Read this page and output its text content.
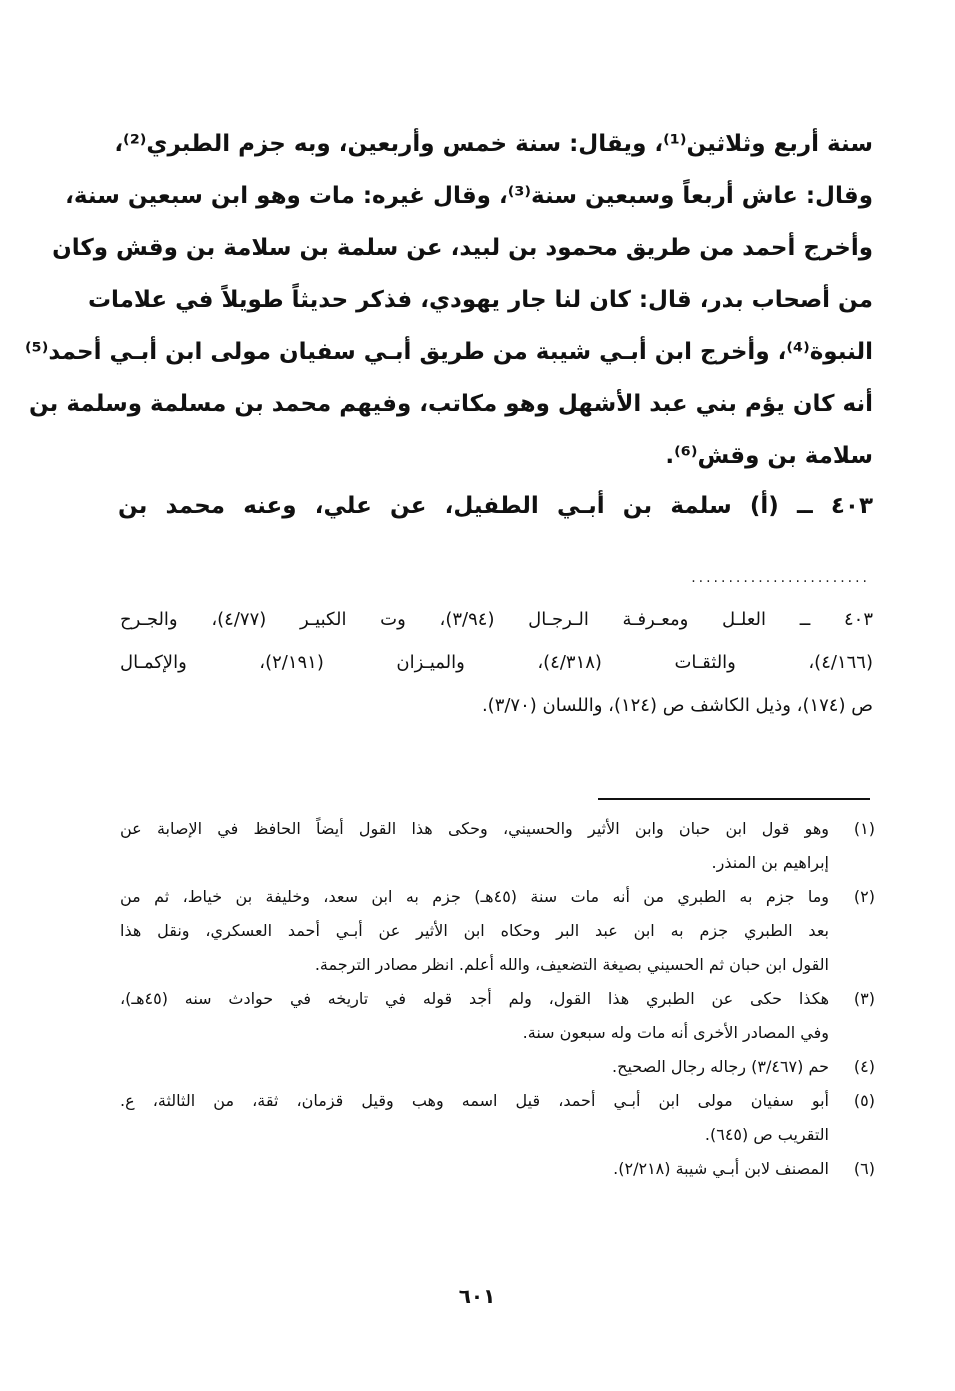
سنة أربع وثلاثين⁽¹⁾، ويقال: سنة خمس وأربعين، وبه جزم الطبري⁽²⁾،
وقال: عاش أربعاً وسبعين سنة⁽³⁾، وقال غيره: مات وهو ابن سبعين سنة،
وأخرج أحمد من طريق محمود بن لبيد، عن سلمة بن سلامة بن وقش وكان
من أصحاب بدر، قال: كان لنا جار يهودي، فذكر حديثاً طويلاً في علامات
النبوة⁽⁴⁾، وأخرج ابن أبـي شيبة من طريق أبـي سفيان مولى ابن أبـي أحمد⁽⁵⁾
أنه كان يؤم بني عبد الأشهل وهو مكاتب، وفيهم محمد بن مسلمة وسلمة بن
سلامة بن وقش⁽⁶⁾.
٤٠٣ ــ (أ) سلمة بن أبـي الطفيل، عن علي، وعنه محمد بن
........................
٤٠٣ ــ العلـل ومعـرفـة الـرجـال (٣/٩٤)، وت الكبيـر (٤/٧٧)، والجـرح
(٤/١٦٦)، والثقـات (٤/٣١٨)، والميـزان (٢/١٩١)، والإكمـال
ص (١٧٤)، وذيل الكاشف ص (١٢٤)، واللسان (٣/٧٠).
(١)
وهو قول ابن حبان وابن الأثير والحسيني، وحكى هذا القول أيضاً الحافظ في الإصابة عن
إبراهيم بن المنذر.
(٢)
وما جزم به الطبري من أنه مات سنة (٤٥هـ) جزم به ابن سعد، وخليفة بن خياط، ثم من
بعد الطبري جزم به ابن عبد البر وحكاه ابن الأثير عن أبـي أحمد العسكري، ونقل هذا
القول ابن حبان ثم الحسيني بصيغة التضعيف، والله أعلم. انظر مصادر الترجمة.
(٣)
هكذا حكى عن الطبري هذا القول، ولم أجد قوله في تاريخه في حوادث سنه (٤٥هـ)،
وفي المصادر الأخرى أنه مات وله سبعون سنة.
(٤)
حم (٣/٤٦٧) رجاله رجال الصحيح.
(٥)
أبو سفيان مولى ابن أبـي أحمد، قيل اسمه وهب وقيل قزمان، ثقة، من الثالثة، ع.
التقريب ص (٦٤٥).
(٦)
المصنف لابن أبـي شيبة (٢/٢١٨).
٦٠١
